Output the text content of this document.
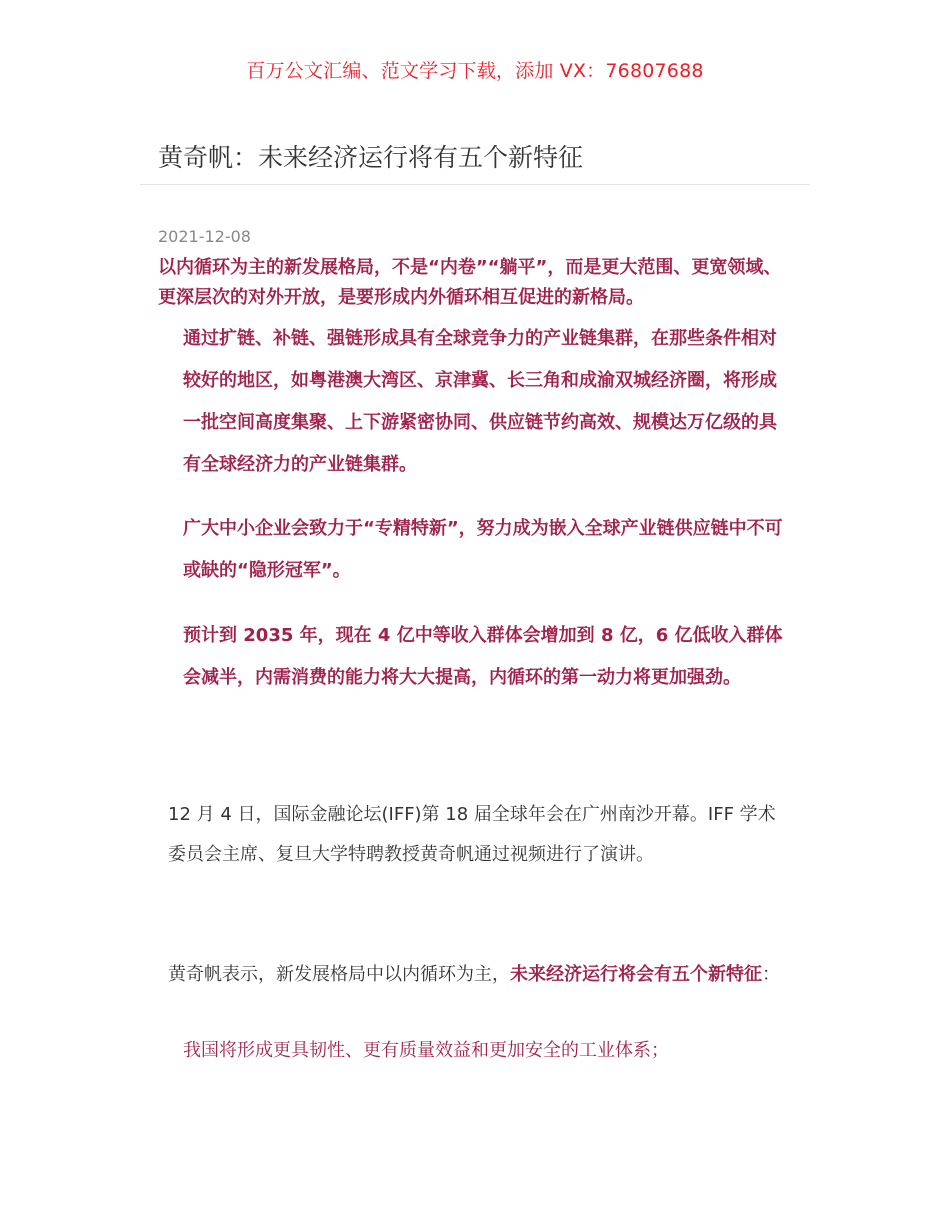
百万公文汇编、范文学习下载，添加 VX：76807688
黄奇帆：未来经济运行将有五个新特征
2021-12-08
以内循环为主的新发展格局，不是“内卷”“躺平”，而是更大范围、更宽领域、更深层次的对外开放，是要形成内外循环相互促进的新格局。
通过扩链、补链、强链形成具有全球竞争力的产业链集群，在那些条件相对较好的地区，如粤港澳大湾区、京津冀、长三角和成渝双城经济圈，将形成一批空间高度集聚、上下游紧密协同、供应链节约高效、规模达万亿级的具有全球经济力的产业链集群。
广大中小企业会致力于“专精特新”，努力成为嵌入全球产业链供应链中不可或缺的“隐形冠军”。
预计到 2035 年，现在 4 亿中等收入群体会增加到 8 亿，6 亿低收入群体会减半，内需消费的能力将大大提高，内循环的第一动力将更加强劲。
12 月 4 日，国际金融论坛(IFF)第 18 届全球年会在广州南沙开幕。IFF 学术委员会主席、复旦大学特聘教授黄奇帆通过视频进行了演讲。
黄奇帆表示，新发展格局中以内循环为主，未来经济运行将会有五个新特征：
我国将形成更具韧性、更有质量效益和更加安全的工业体系；
